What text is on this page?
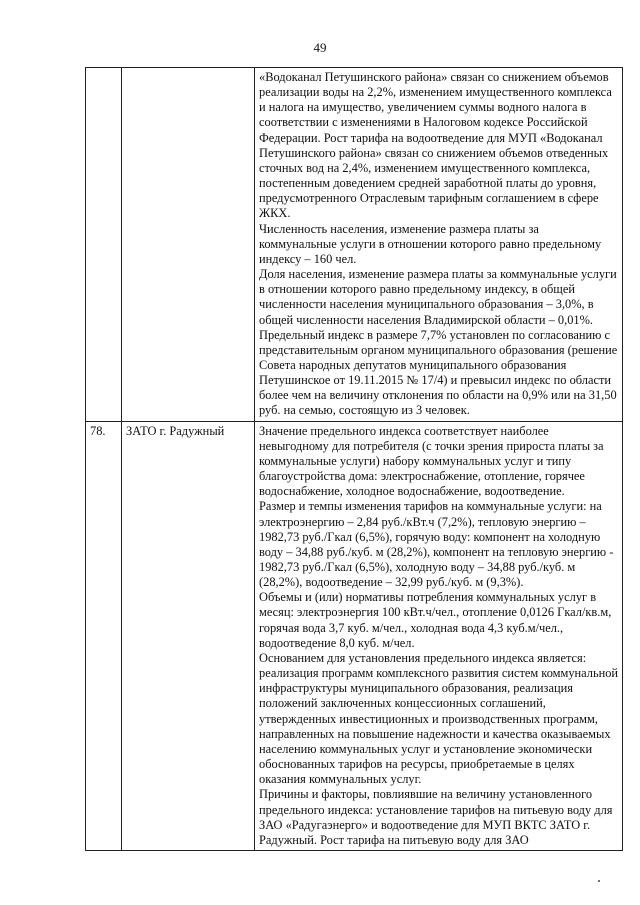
49

		«Водоканал Петушинского района» связан со снижением объемов реализации воды на 2,2%, изменением имущественного комплекса и налога на имущество, увеличением суммы водного налога в соответствии с изменениями в Налоговом кодексе Российской Федерации. Рост тарифа на водоотведение для МУП «Водоканал Петушинского района» связан со снижением объемов отведенных сточных вод на 2,4%, изменением имущественного комплекса, постепенным доведением средней заработной платы до уровня, предусмотренного Отраслевым тарифным соглашением в сфере ЖКХ.

Численность населения, изменение размера платы за коммунальные услуги в отношении которого равно предельному индексу – 160 чел.

Доля населения, изменение размера платы за коммунальные услуги в отношении которого равно предельному индексу, в общей численности населения муниципального образования – 3,0%, в общей численности населения Владимирской области – 0,01%.

Предельный индекс в размере 7,7% установлен по согласованию с представительным органом муниципального образования (решение Совета народных депутатов муниципального образования Петушинское от 19.11.2015 № 17/4) и превысил индекс по области более чем на величину отклонения по области на 0,9% или на 31,50 руб. на семью, состоящую из 3 человек.

78.	ЗАТО г. Радужный	Значение предельного индекса соответствует наиболее невыгодному для потребителя (с точки зрения прироста платы за коммунальные услуги) набору коммунальных услуг и типу благоустройства дома: электроснабжение, отопление, горячее водоснабжение, холодное водоснабжение, водоотведение.

Размер и темпы изменения тарифов на коммунальные услуги: на электроэнергию – 2,84 руб./кВт.ч (7,2%), тепловую энергию – 1982,73 руб./Гкал (6,5%), горячую воду: компонент на холодную воду – 34,88 руб./куб. м (28,2%), компонент на тепловую энергию - 1982,73 руб./Гкал (6,5%), холодную воду – 34,88 руб./куб. м (28,2%), водоотведение – 32,99 руб./куб. м (9,3%).

Объемы и (или) нормативы потребления коммунальных услуг в месяц: электроэнергия 100 кВт.ч/чел., отопление 0,0126 Гкал/кв.м, горячая вода 3,7 куб. м/чел., холодная вода 4,3 куб.м/чел., водоотведение 8,0 куб. м/чел.

Основанием для установления предельного индекса является: реализация программ комплексного развития систем коммунальной инфраструктуры муниципального образования, реализация положений заключенных концессионных соглашений, утвержденных инвестиционных и производственных программ, направленных на повышение надежности и качества оказываемых населению коммунальных услуг и установление экономически обоснованных тарифов на ресурсы, приобретаемые в целях оказания коммунальных услуг.

Причины и факторы, повлиявшие на величину установленного предельного индекса: установление тарифов на питьевую воду для ЗАО «Радугаэнерго» и водоотведение для МУП ВКТС ЗАТО г. Радужный. Рост тарифа на питьевую воду для ЗАО
